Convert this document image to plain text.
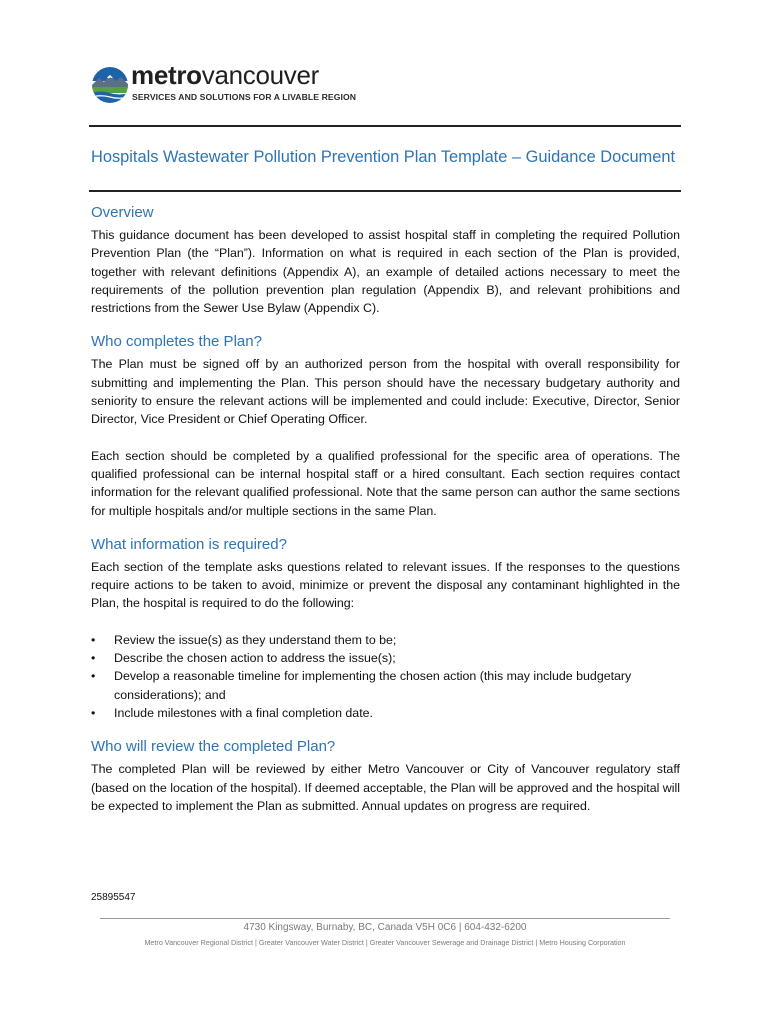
metrovancouver
SERVICES AND SOLUTIONS FOR A LIVABLE REGION
Hospitals Wastewater Pollution Prevention Plan Template – Guidance Document
Overview

This guidance document has been developed to assist hospital staff in completing the required Pollution Prevention Plan (the “Plan”). Information on what is required in each section of the Plan is provided, together with relevant definitions (Appendix A), an example of detailed actions necessary to meet the requirements of the pollution prevention plan regulation (Appendix B), and relevant prohibitions and restrictions from the Sewer Use Bylaw (Appendix C).

Who completes the Plan?

The Plan must be signed off by an authorized person from the hospital with overall responsibility for submitting and implementing the Plan. This person should have the necessary budgetary authority and seniority to ensure the relevant actions will be implemented and could include: Executive, Director, Senior Director, Vice President or Chief Operating Officer.

Each section should be completed by a qualified professional for the specific area of operations. The qualified professional can be internal hospital staff or a hired consultant. Each section requires contact information for the relevant qualified professional. Note that the same person can author the same sections for multiple hospitals and/or multiple sections in the same Plan.

What information is required?

Each section of the template asks questions related to relevant issues. If the responses to the questions require actions to be taken to avoid, minimize or prevent the disposal any contaminant highlighted in the Plan, the hospital is required to do the following:

• Review the issue(s) as they understand them to be;
• Describe the chosen action to address the issue(s);
• Develop a reasonable timeline for implementing the chosen action (this may include budgetary considerations); and
• Include milestones with a final completion date.
Who will review the completed Plan?

The completed Plan will be reviewed by either Metro Vancouver or City of Vancouver regulatory staff (based on the location of the hospital). If deemed acceptable, the Plan will be approved and the hospital will be expected to implement the Plan as submitted. Annual updates on progress are required.

25895547
4730 Kingsway, Burnaby, BC, Canada V5H 0C6 | 604-432-6200
Metro Vancouver Regional District | Greater Vancouver Water District | Greater Vancouver Sewerage and Drainage District | Metro Housing Corporation
